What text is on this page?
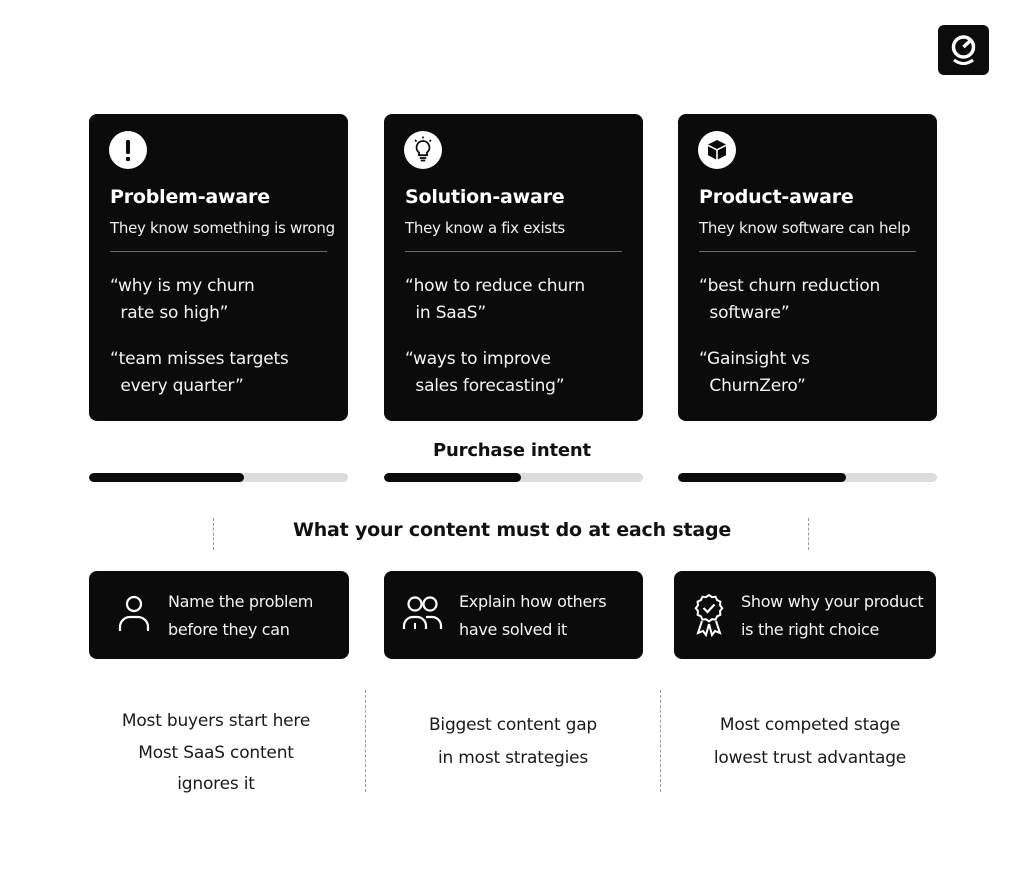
Problem-aware
They know something is wrong
“why is my churn
rate so high”
“team misses targets
every quarter”
Solution-aware
They know a fix exists
“how to reduce churn
in SaaS”
“ways to improve
sales forecasting”
Product-aware
They know software can help
“best churn reduction
software”
“Gainsight vs
ChurnZero”
Purchase intent
What your content must do at each stage
Name the problem
before they can
Explain how others
have solved it
Show why your product
is the right choice
Most buyers start here
Most SaaS content
ignores it
Biggest content gap
in most strategies
Most competed stage
lowest trust advantage
